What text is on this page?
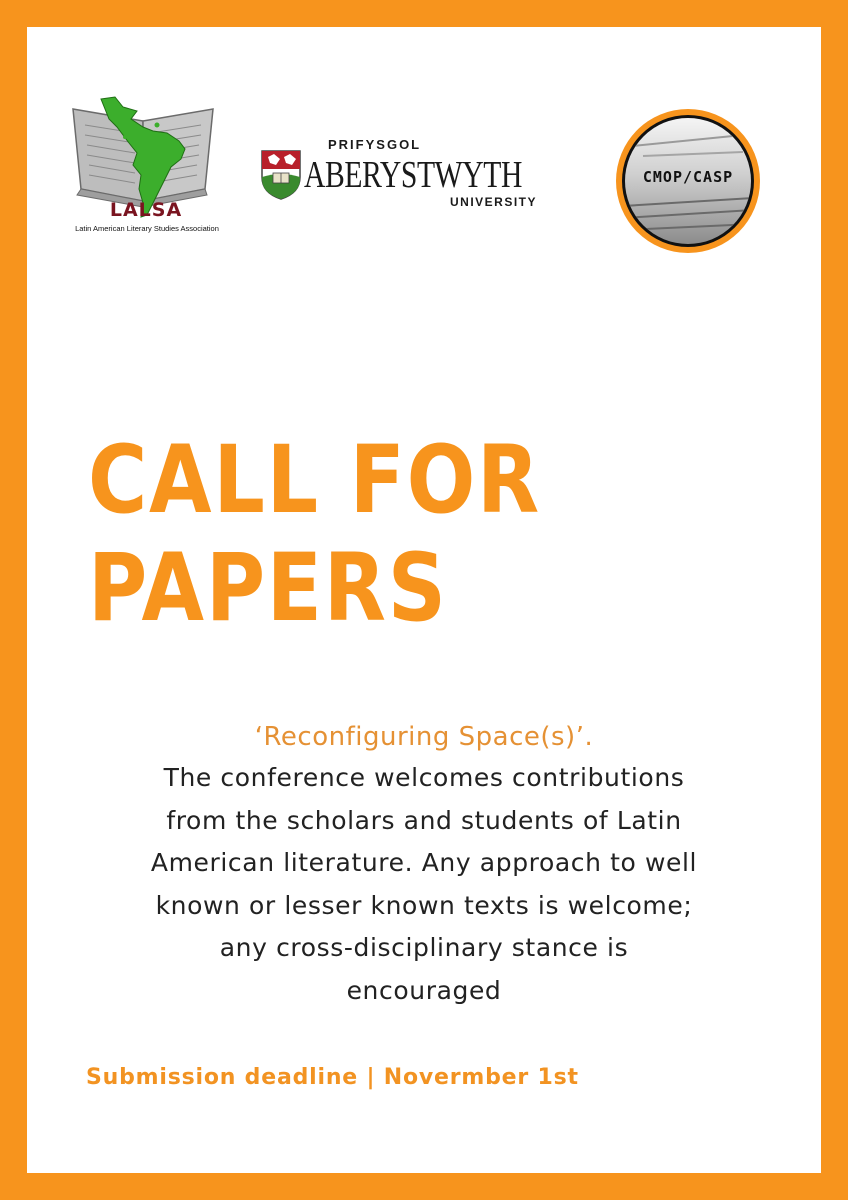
LALSA
Latin American Literary Studies Association
PRIFYSGOL
ABERYSTWYTH
UNIVERSITY
CMOP/CASP
CALL FOR
PAPERS
‘Reconfiguring Space(s)’.
The conference welcomes contributions
from the scholars and students of Latin
American literature. Any approach to well
known or lesser known texts is welcome;
any cross-disciplinary stance is
encouraged
Submission deadline | Novermber 1st
